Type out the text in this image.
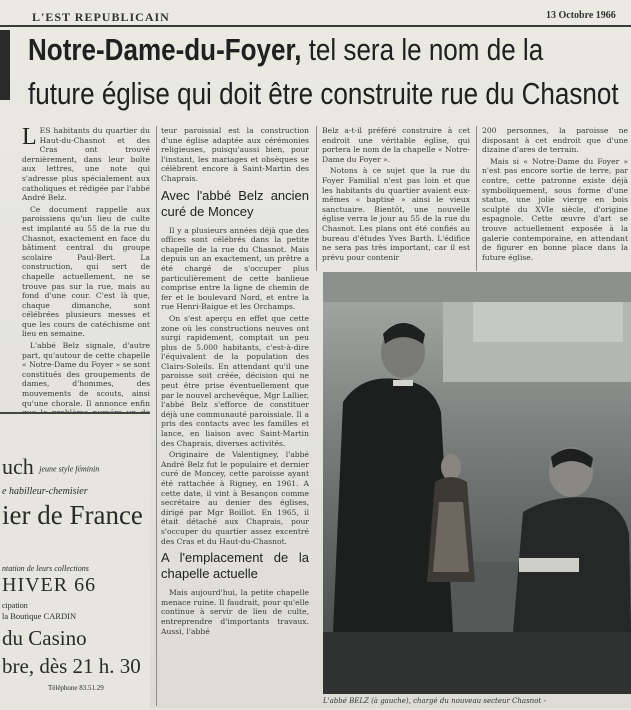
L'EST REPUBLICAIN	13 Octobre 1966
Notre-Dame-du-Foyer, tel sera le nom de la
future église qui doit être construite rue du Chasnot

LES habitants du quartier du Haut-du-Chasnot et des Cras ont trouvé dernièrement, dans leur boîte aux lettres, une note qui s'adresse plus spécialement aux catholiques et rédigée par l'abbé André Belz.

Ce document rappelle aux paroissiens qu'un lieu de culte est implanté au 55 de la rue du Chasnot, exactement en face du bâtiment central du groupe scolaire Paul-Bert. La construction, qui sert de chapelle actuellement, ne se trouve pas sur la rue, mais au fond d'une cour. C'est là que, chaque dimanche, sont célébrées plusieurs messes et que les cours de catéchisme ont lieu en semaine.

L'abbé Belz signale, d'autre part, qu'autour de cette chapelle « Notre-Dame du Foyer » se sont constitués des groupements de dames, d'hommes, des mouvements de scouts, ainsi qu'une chorale. Il annonce enfin

teur paroissial est la construction d'une église adaptée aux cérémonies religieuses, puisqu'aussi bien, pour l'instant, les mariages et obsèques se célèbrent encore à Saint-Martin des Chaprais.

Avec l'abbé Belz ancien curé de Moncey

Il y a plusieurs années déjà que des offices sont célébrés dans la petite chapelle de la rue du Chasnot. Mais depuis un an exactement, un prêtre a été chargé de s'occuper plus particulièrement de cette banlieue comprise entre la ligne de chemin de fer et le boulevard Nord, et entre la rue Henri-Baigue et les Orchamps.

On s'est aperçu en effet que cette zone où les constructions neuves ont surgi rapidement, comptait un peu plus de 5.000 habitants, c'est-à-dire l'équivalent de la population des Clairs-Soleils. En attendant qu'il une paroisse soit créée, décision qui ne peut être prise éventuellement que par le nouvel archevêque, Mgr Lallier, l'abbé Belz s'efforce de constituer déjà une communauté paroissiale. Il a pris des contacts avec les familles et lance, en liaison avec Saint-Martin des Chaprais, diverses activités.

Originaire de Valentigney, l'abbé André Belz fut le populaire et dernier curé de Moncey, cette paroisse ayant été rattachée à Rigney, en 1961. A cette date, il vint à Besançon comme secrétaire au denier des églises, dirigé par Mgr Boillot. En 1965, il était détaché aux Chaprais, pour s'occuper du quartier assez excentré des Cras et du Haut-du-Chasnot.

A l'emplacement de la chapelle actuelle

Mais aujourd'hui, la petite chapelle menace ruine. Il faudrait, pour qu'elle continue à servir de lieu de culte, entreprendre d'importants travaux. Aussi, l'abbé

Belz a-t-il préféré construire à cet endroit une véritable église, qui portera le nom de la chapelle « Notre-Dame du Foyer ».

Notons à ce sujet que la rue du Foyer Familial n'est pas loin et que les habitants du quartier avaient eux-mêmes « baptisé » ainsi le vieux sanctuaire. Bientôt, une nouvelle église verra le jour au 55 de la rue du Chasnot. Les plans ont été confiés au bureau d'études Yves Barth. L'édifice ne sera pas très important, car il est prévu pour contenir

200 personnes, la paroisse ne disposant à cet endroit que d'une dizaine d'ares de terrain.

Mais si « Notre-Dame du Foyer » n'est pas encore sortie de terre, par contre, cette patronne existe déjà symboliquement, sous forme d'une statue, une jolie vierge en bois sculpté du XVIe siècle, d'origine espagnole. Cette œuvre d'art se trouve actuellement exposée à la galerie contemporaine, en attendant de figurer en bonne place dans la future église.

uch jeune style féminin
e habilleur-chemisier
ier de France
ntation de leurs collections
HIVER 66
cipation
la Boutique CARDIN
du Casino
bre, dès 21 h. 30
Téléphone 83.51.29
L'abbé BELZ (à gauche), chargé du nouveau secteur Chasnot -
